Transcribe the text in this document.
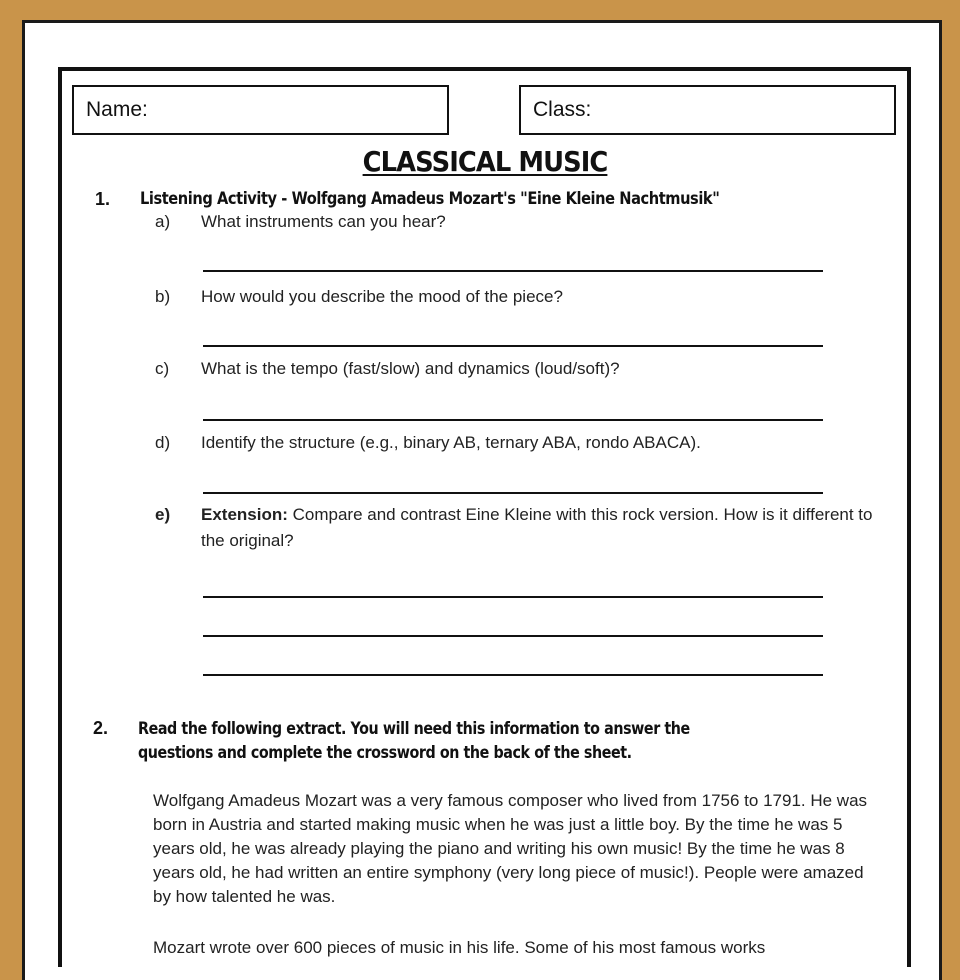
Name:	Class:
CLASSICAL MUSIC
1. Listening Activity - Wolfgang Amadeus Mozart's "Eine Kleine Nachtmusik"
a) What instruments can you hear?
b) How would you describe the mood of the piece?
c) What is the tempo (fast/slow) and dynamics (loud/soft)?
d) Identify the structure (e.g., binary AB, ternary ABA, rondo ABACA).
e) Extension: Compare and contrast Eine Kleine with this rock version. How is it different to the original?
2. Read the following extract. You will need this information to answer the
questions and complete the crossword on the back of the sheet.
Wolfgang Amadeus Mozart was a very famous composer who lived from 1756 to 1791. He was born in Austria and started making music when he was just a little boy. By the time he was 5 years old, he was already playing the piano and writing his own music! By the time he was 8 years old, he had written an entire symphony (very long piece of music!). People were amazed by how talented he was.
Mozart wrote over 600 pieces of music in his life. Some of his most famous works
